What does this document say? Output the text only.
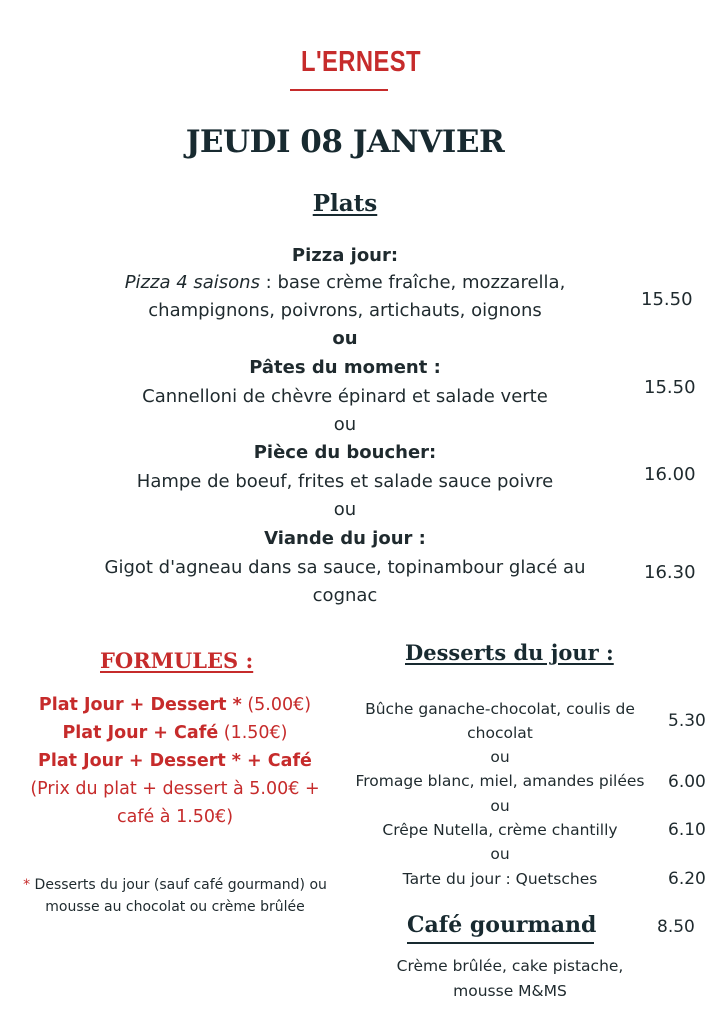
L'ERNEST
JEUDI 08 JANVIER
Plats
Pizza jour:
Pizza 4 saisons : base crème fraîche, mozzarella,
champignons, poivrons, artichauts, oignons
15.50
ou
Pâtes du moment :
Cannelloni de chèvre épinard et salade verte	15.50
ou
Pièce du boucher:
Hampe de boeuf, frites et salade sauce poivre	16.00
ou
Viande du jour :
Gigot d'agneau dans sa sauce, topinambour glacé au
cognac
16.30
FORMULES :
Plat Jour + Dessert * (5.00€)
Plat Jour + Café (1.50€)
Plat Jour + Dessert * + Café
(Prix du plat + dessert à 5.00€ +
café à 1.50€)
* Desserts du jour (sauf café gourmand) ou
mousse au chocolat ou crème brûlée
Desserts du jour :
Bûche ganache-chocolat, coulis de
chocolat
5.30
ou
Fromage blanc, miel, amandes pilées	6.00
ou
Crêpe Nutella, crème chantilly	6.10
ou
Tarte du jour : Quetsches	6.20
Café gourmand	8.50
Crème brûlée, cake pistache,
mousse M&MS
